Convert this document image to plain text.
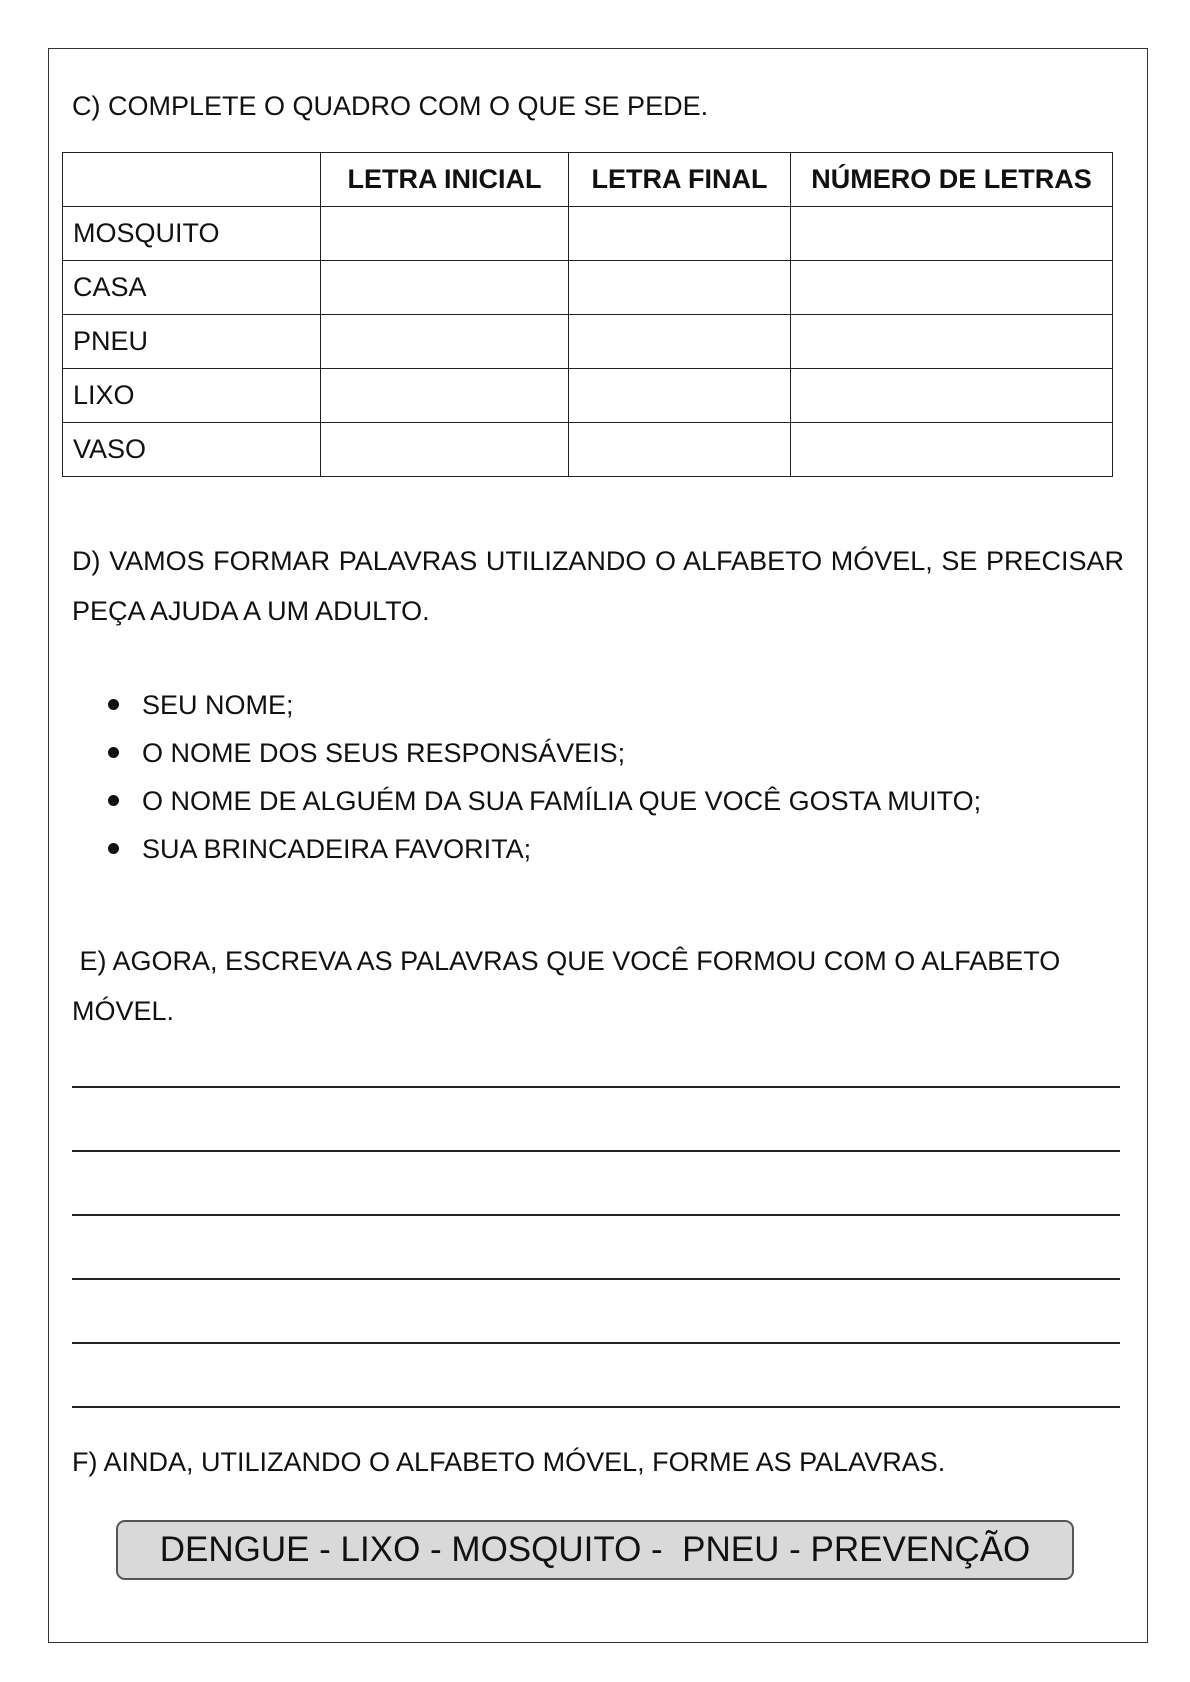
C) COMPLETE O QUADRO COM O QUE SE PEDE.
	LETRA INICIAL	LETRA FINAL	NÚMERO DE LETRAS
MOSQUITO			
CASA			
PNEU			
LIXO			
VASO			
D) VAMOS FORMAR PALAVRAS UTILIZANDO O ALFABETO MÓVEL, SE PRECISAR PEÇA AJUDA A UM ADULTO.
SEU NOME;
O NOME DOS SEUS RESPONSÁVEIS;
O NOME DE ALGUÉM DA SUA FAMÍLIA QUE VOCÊ GOSTA MUITO;
SUA BRINCADEIRA FAVORITA;
E) AGORA, ESCREVA AS PALAVRAS QUE VOCÊ FORMOU COM O ALFABETO MÓVEL.
F) AINDA, UTILIZANDO O ALFABETO MÓVEL, FORME AS PALAVRAS.
DENGUE - LIXO - MOSQUITO -  PNEU - PREVENÇÃO
